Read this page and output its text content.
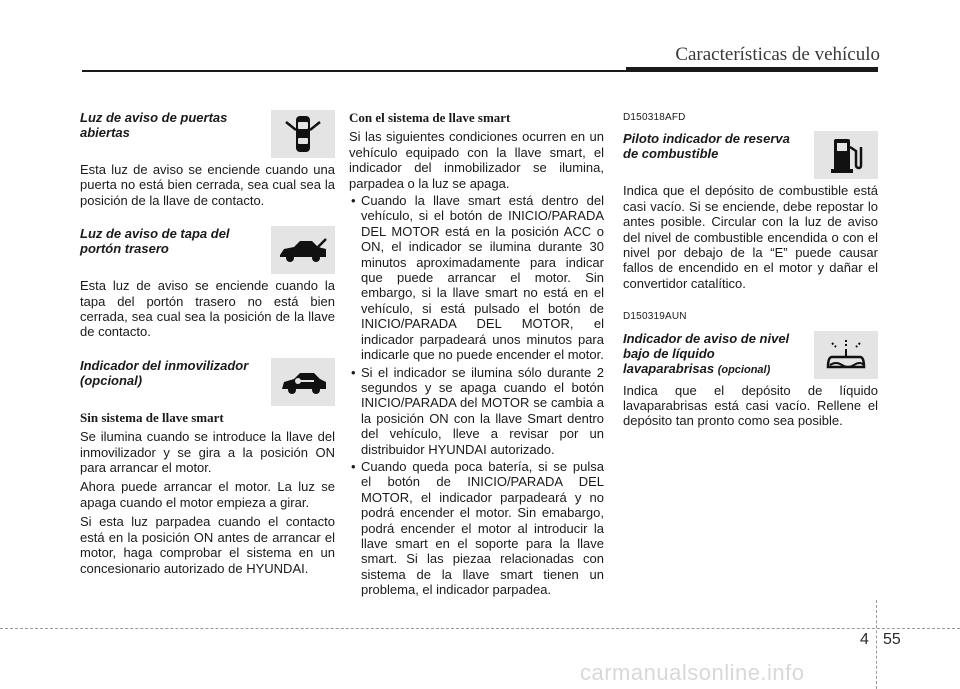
Características de vehículo
Luz de aviso de puertas abiertas
Esta luz de aviso se enciende cuando una puerta no está bien cerrada, sea cual sea la posición de la llave de contacto.
Luz de aviso de tapa del portón trasero
Esta luz de aviso se enciende cuando la tapa del portón trasero no está bien cerrada, sea cual sea la posición de la llave de contacto.
Indicador del inmovilizador (opcional)
Sin sistema de llave smart
Se ilumina cuando se introduce la llave del inmovilizador y se gira a la posición ON para arrancar el motor.
Ahora puede arrancar el motor. La luz se apaga cuando el motor empieza a girar.
Si esta luz parpadea cuando el contacto está en la posición ON antes de arrancar el motor, haga comprobar el sistema en un concesionario autorizado de HYUNDAI.
Con el sistema de llave smart
Si las siguientes condiciones ocurren en un vehículo equipado con la llave smart, el indicador del inmobilizador se ilumina, parpadea o la luz se apaga.
• Cuando la llave smart está dentro del vehículo, si el botón de INICIO/PARADA DEL MOTOR está en la posición ACC o ON, el indicador se ilumina durante 30 minutos aproximadamente para indicar que puede arrancar el motor. Sin embargo, si la llave smart no está en el vehículo, si está pulsado el botón de INICIO/PARADA DEL MOTOR, el indicador parpadeará unos minutos para indicarle que no puede encender el motor.
• Si el indicador se ilumina sólo durante 2 segundos y se apaga cuando el botón INICIO/PARADA del MOTOR se cambia a la posición ON con la llave Smart dentro del vehículo, lleve a revisar por un distribuidor HYUNDAI autorizado.
• Cuando queda poca batería, si se pulsa el botón de INICIO/PARADA DEL MOTOR, el indicador parpadeará y no podrá encender el motor. Sin emabargo, podrá encender el motor al introducir la llave smart en el soporte para la llave smart. Si las piezaa relacionadas con sistema de la llave smart tienen un problema, el indicador parpadea.
D150318AFD
Piloto indicador de reserva de combustible
Indica que el depósito de combustible está casi vacío. Si se enciende, debe repostar lo antes posible. Circular con la luz de aviso del nivel de combustible encendida o con el nivel por debajo de la “E” puede causar fallos de encendido en el motor y dañar el convertidor catalítico.
D150319AUN
Indicador de aviso de nivel bajo de líquido lavaparabrisas (opcional)
Indica que el depósito de líquido lavaparabrisas está casi vacío. Rellene el depósito tan pronto como sea posible.
4 55
carmanualsonline.info
